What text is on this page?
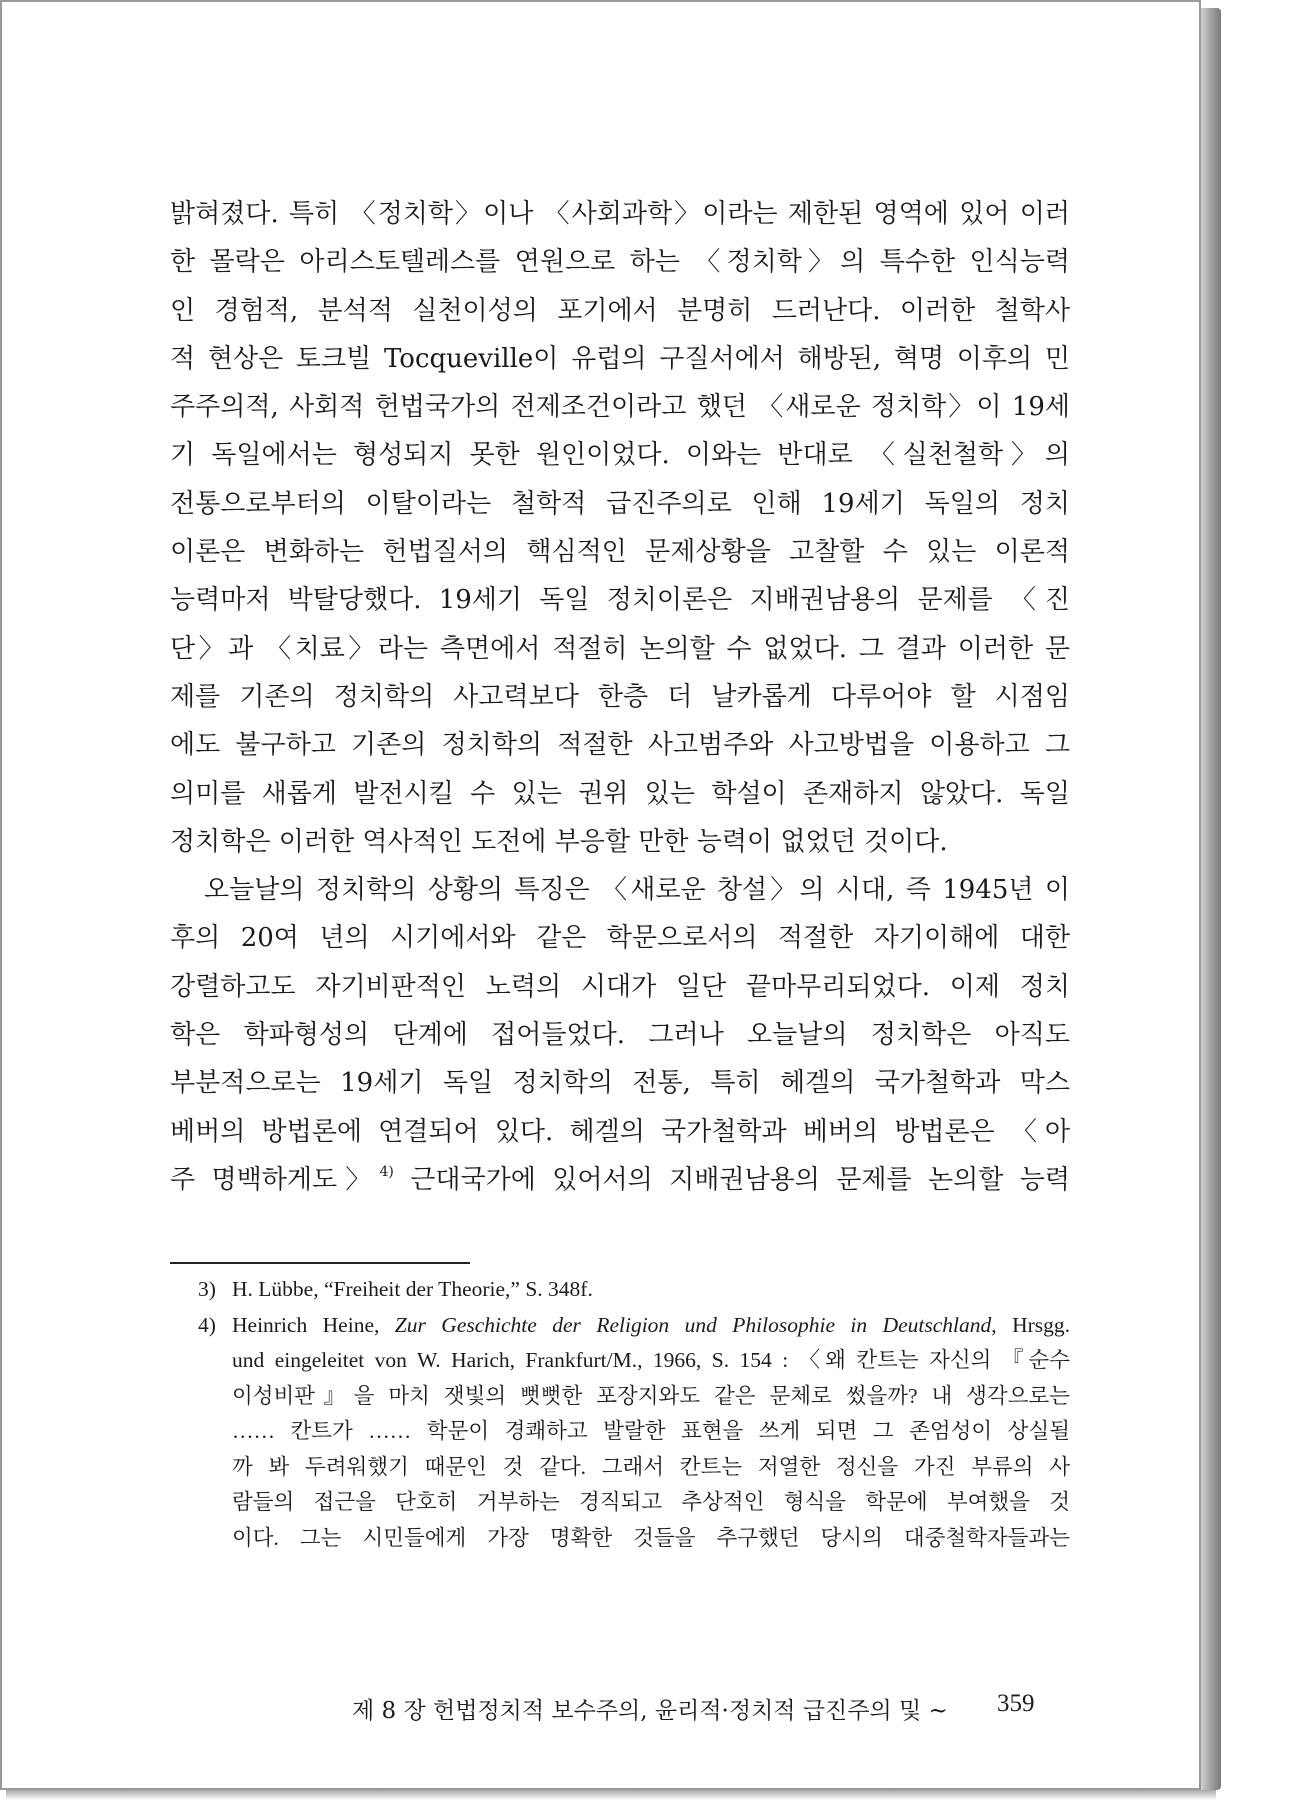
밝혀졌다. 특히 〈정치학〉이나 〈사회과학〉이라는 제한된 영역에 있어 이러
한 몰락은 아리스토텔레스를 연원으로 하는 〈정치학〉의 특수한 인식능력
인 경험적, 분석적 실천이성의 포기에서 분명히 드러난다. 이러한 철학사
적 현상은 토크빌 Tocqueville이 유럽의 구질서에서 해방된, 혁명 이후의 민
주주의적, 사회적 헌법국가의 전제조건이라고 했던 〈새로운 정치학〉이 19세
기 독일에서는 형성되지 못한 원인이었다. 이와는 반대로 〈실천철학〉의
전통으로부터의 이탈이라는 철학적 급진주의로 인해 19세기 독일의 정치
이론은 변화하는 헌법질서의 핵심적인 문제상황을 고찰할 수 있는 이론적
능력마저 박탈당했다. 19세기 독일 정치이론은 지배권남용의 문제를 〈진
단〉과 〈치료〉라는 측면에서 적절히 논의할 수 없었다. 그 결과 이러한 문
제를 기존의 정치학의 사고력보다 한층 더 날카롭게 다루어야 할 시점임
에도 불구하고 기존의 정치학의 적절한 사고범주와 사고방법을 이용하고 그
의미를 새롭게 발전시킬 수 있는 권위 있는 학설이 존재하지 않았다. 독일
정치학은 이러한 역사적인 도전에 부응할 만한 능력이 없었던 것이다.
오늘날의 정치학의 상황의 특징은 〈새로운 창설〉의 시대, 즉 1945년 이
후의 20여 년의 시기에서와 같은 학문으로서의 적절한 자기이해에 대한
강렬하고도 자기비판적인 노력의 시대가 일단 끝마무리되었다. 이제 정치
학은 학파형성의 단계에 접어들었다. 그러나 오늘날의 정치학은 아직도
부분적으로는 19세기 독일 정치학의 전통, 특히 헤겔의 국가철학과 막스
베버의 방법론에 연결되어 있다. 헤겔의 국가철학과 베버의 방법론은 〈아
주 명백하게도〉$^{4)}$ 근대국가에 있어서의 지배권남용의 문제를 논의할 능력
3) H. Lübbe, “Freiheit der Theorie,” S. 348f.
4) Heinrich Heine, Zur Geschichte der Religion und Philosophie in Deutschland, Hrsgg.
und eingeleitet von W. Harich, Frankfurt/M., 1966, S. 154 : 〈왜 칸트는 자신의 『순수
이성비판』을 마치 잿빛의 뻣뻣한 포장지와도 같은 문체로 썼을까? 내 생각으로는
…… 칸트가 …… 학문이 경쾌하고 발랄한 표현을 쓰게 되면 그 존엄성이 상실될
까 봐 두려워했기 때문인 것 같다. 그래서 칸트는 저열한 정신을 가진 부류의 사
람들의 접근을 단호히 거부하는 경직되고 추상적인 형식을 학문에 부여했을 것
이다. 그는 시민들에게 가장 명확한 것들을 추구했던 당시의 대중철학자들과는
제 8 장 헌법정치적 보수주의, 윤리적·정치적 급진주의 및 ~	359
